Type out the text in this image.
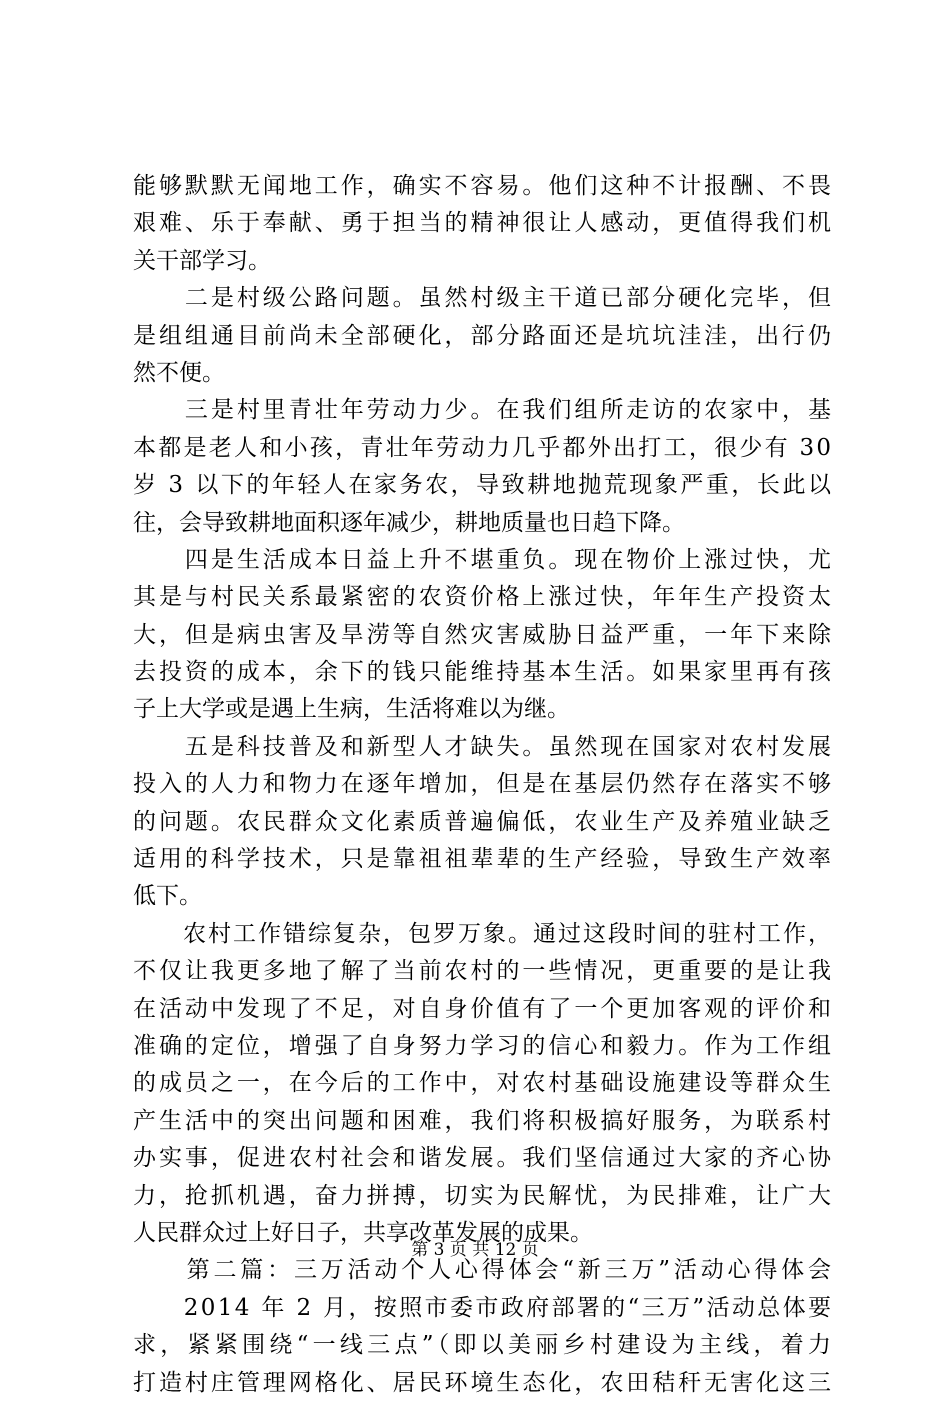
能够默默无闻地工作，确实不容易。他们这种不计报酬、不畏
艰难、乐于奉献、勇于担当的精神很让人感动，更值得我们机
关干部学习。
　　二是村级公路问题。虽然村级主干道已部分硬化完毕，但
是组组通目前尚未全部硬化，部分路面还是坑坑洼洼，出行仍
然不便。
　　三是村里青壮年劳动力少。在我们组所走访的农家中，基
本都是老人和小孩，青壮年劳动力几乎都外出打工，很少有 30
岁 3 以下的年轻人在家务农，导致耕地抛荒现象严重，长此以
往，会导致耕地面积逐年减少，耕地质量也日趋下降。
　　四是生活成本日益上升不堪重负。现在物价上涨过快，尤
其是与村民关系最紧密的农资价格上涨过快，年年生产投资太
大，但是病虫害及旱涝等自然灾害威胁日益严重，一年下来除
去投资的成本，余下的钱只能维持基本生活。如果家里再有孩
子上大学或是遇上生病，生活将难以为继。
　　五是科技普及和新型人才缺失。虽然现在国家对农村发展
投入的人力和物力在逐年增加，但是在基层仍然存在落实不够
的问题。农民群众文化素质普遍偏低，农业生产及养殖业缺乏
适用的科学技术，只是靠祖祖辈辈的生产经验，导致生产效率
低下。
　　农村工作错综复杂，包罗万象。通过这段时间的驻村工作，
不仅让我更多地了解了当前农村的一些情况，更重要的是让我
在活动中发现了不足，对自身价值有了一个更加客观的评价和
准确的定位，增强了自身努力学习的信心和毅力。作为工作组
的成员之一，在今后的工作中，对农村基础设施建设等群众生
产生活中的突出问题和困难，我们将积极搞好服务，为联系村
办实事，促进农村社会和谐发展。我们坚信通过大家的齐心协
力，抢抓机遇，奋力拼搏，切实为民解忧，为民排难，让广大
人民群众过上好日子，共享改革发展的成果。
　　第二篇：三万活动个人心得体会“新三万”活动心得体会
　　2014 年 2 月，按照市委市政府部署的“三万”活动总体要
求，紧紧围绕“一线三点”（即以美丽乡村建设为主线，着力
打造村庄管理网格化、居民环境生态化，农田秸秆无害化这三
第 3 页 共 12 页
